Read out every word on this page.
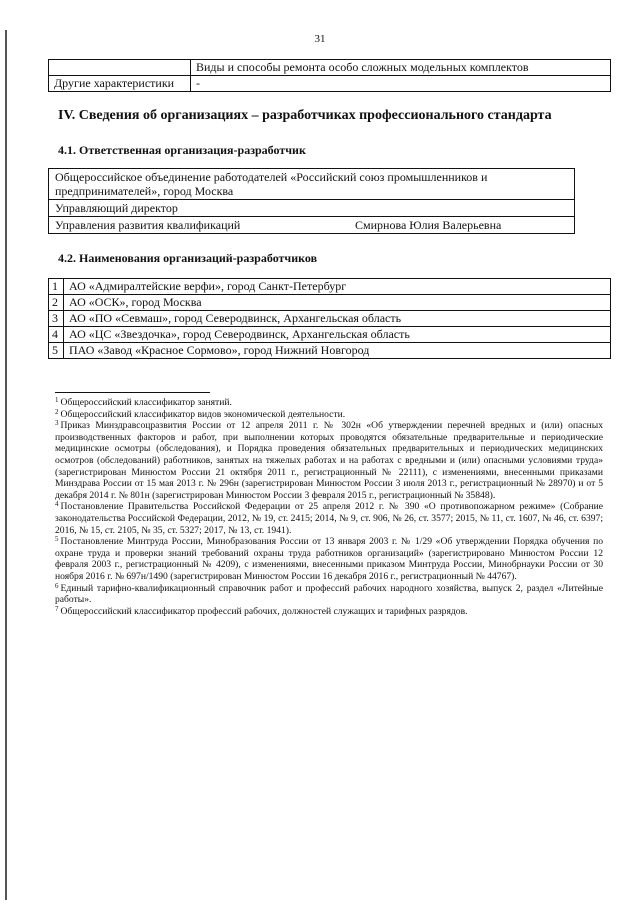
31
	Виды и способы ремонта особо сложных модельных комплектов
Другие характеристики	-
IV. Сведения об организациях – разработчиках профессионального стандарта
4.1. Ответственная организация-разработчик
Общероссийское объединение работодателей «Российский союз промышленников и предпринимателей», город Москва
Управляющий директор
Управления развития квалификаций	Смирнова Юлия Валерьевна
4.2. Наименования организаций-разработчиков
1	АО «Адмиралтейские верфи», город Санкт-Петербург
2	АО «ОСК», город Москва
3	АО «ПО «Севмаш», город Северодвинск, Архангельская область
4	АО «ЦС «Звездочка», город Северодвинск, Архангельская область
5	ПАО «Завод «Красное Сормово», город Нижний Новгород

$^1$ Общероссийский классификатор занятий.

$^2$ Общероссийский классификатор видов экономической деятельности.

$^3$ Приказ Минздравсоцразвития России от 12 апреля 2011 г. № 302н «Об утверждении перечней вредных и (или) опасных производственных факторов и работ, при выполнении которых проводятся обязательные предварительные и периодические медицинские осмотры (обследования), и Порядка проведения обязательных предварительных и периодических медицинских осмотров (обследований) работников, занятых на тяжелых работах и на работах с вредными и (или) опасными условиями труда» (зарегистрирован Минюстом России 21 октября 2011 г., регистрационный № 22111), с изменениями, внесенными приказами Минздрава России от 15 мая 2013 г. № 296н (зарегистрирован Минюстом России 3 июля 2013 г., регистрационный № 28970) и от 5 декабря 2014 г. № 801н (зарегистрирован Минюстом России 3 февраля 2015 г., регистрационный № 35848).

$^4$ Постановление Правительства Российской Федерации от 25 апреля 2012 г. № 390 «О противопожарном режиме» (Собрание законодательства Российской Федерации, 2012, № 19, ст. 2415; 2014, № 9, ст. 906, № 26, ст. 3577; 2015, № 11, ст. 1607, № 46, ст. 6397; 2016, № 15, ст. 2105, № 35, ст. 5327; 2017, № 13, ст. 1941).

$^5$ Постановление Минтруда России, Минобразования России от 13 января 2003 г. № 1/29 «Об утверждении Порядка обучения по охране труда и проверки знаний требований охраны труда работников организаций» (зарегистрировано Минюстом России 12 февраля 2003 г., регистрационный № 4209), с изменениями, внесенными приказом Минтруда России, Минобрнауки России от 30 ноября 2016 г. № 697н/1490 (зарегистрирован Минюстом России 16 декабря 2016 г., регистрационный № 44767).

$^6$ Единый тарифно-квалификационный справочник работ и профессий рабочих народного хозяйства, выпуск 2, раздел «Литейные работы».

$^7$ Общероссийский классификатор профессий рабочих, должностей служащих и тарифных разрядов.
